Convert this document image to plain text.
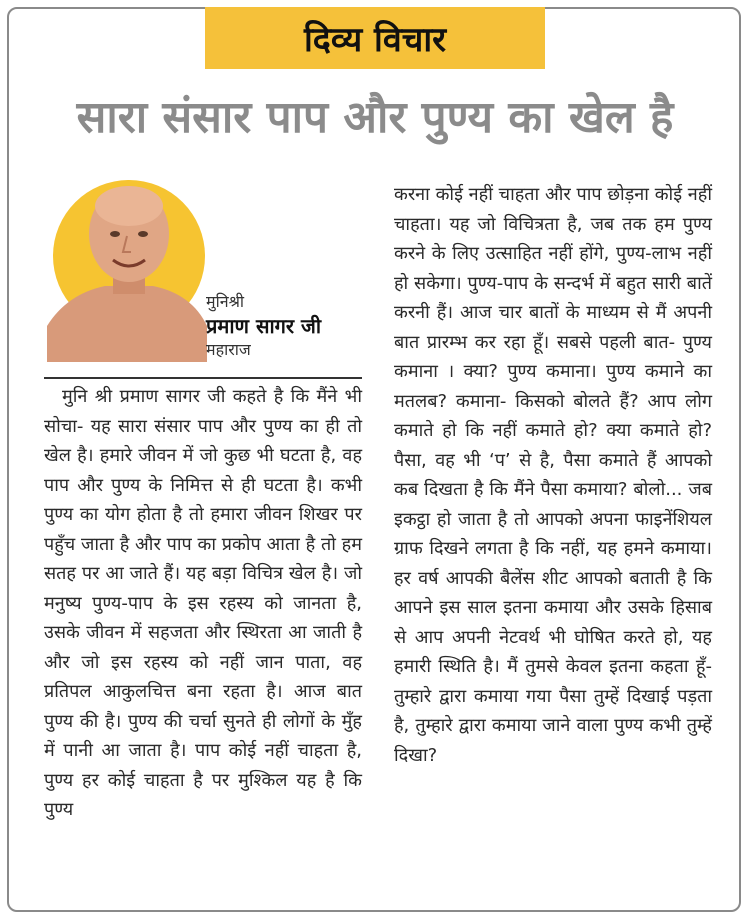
दिव्य विचार
सारा संसार पाप और पुण्य का खेल है
मुनिश्री
प्रमाण सागर जी
महाराज
मुनि श्री प्रमाण सागर जी कहते है कि मैंने भी सोचा- यह सारा संसार पाप और पुण्य का ही तो खेल है। हमारे जीवन में जो कुछ भी घटता है, वह पाप और पुण्य के निमित्त से ही घटता है। कभी पुण्य का योग होता है तो हमारा जीवन शिखर पर पहुँच जाता है और पाप का प्रकोप आता है तो हम सतह पर आ जाते हैं। यह बड़ा विचित्र खेल है। जो मनुष्य पुण्य-पाप के इस रहस्य को जानता है, उसके जीवन में सहजता और स्थिरता आ जाती है और जो इस रहस्य को नहीं जान पाता, वह प्रतिपल आकुलचित्त बना रहता है। आज बात पुण्य की है। पुण्य की चर्चा सुनते ही लोगों के मुँह में पानी आ जाता है। पाप कोई नहीं चाहता है, पुण्य हर कोई चाहता है पर मुश्किल यह है कि पुण्य
करना कोई नहीं चाहता और पाप छोड़ना कोई नहीं चाहता। यह जो विचित्रता है, जब तक हम पुण्य करने के लिए उत्साहित नहीं होंगे, पुण्य-लाभ नहीं हो सकेगा। पुण्य-पाप के सन्दर्भ में बहुत सारी बातें करनी हैं। आज चार बातों के माध्यम से मैं अपनी बात प्रारम्भ कर रहा हूँ। सबसे पहली बात- पुण्य कमाना । क्या? पुण्य कमाना। पुण्य कमाने का मतलब? कमाना- किसको बोलते हैं? आप लोग कमाते हो कि नहीं कमाते हो? क्या कमाते हो? पैसा, वह भी ‘प’ से है, पैसा कमाते हैं आपको कब दिखता है कि मैंने पैसा कमाया? बोलो... जब इकट्ठा हो जाता है तो आपको अपना फाइनेंशियल ग्राफ दिखने लगता है कि नहीं, यह हमने कमाया। हर वर्ष आपकी बैलेंस शीट आपको बताती है कि आपने इस साल इतना कमाया और उसके हिसाब से आप अपनी नेटवर्थ भी घोषित करते हो, यह हमारी स्थिति है। मैं तुमसे केवल इतना कहता हूँ- तुम्हारे द्वारा कमाया गया पैसा तुम्हें दिखाई पड़ता है, तुम्हारे द्वारा कमाया जाने वाला पुण्य कभी तुम्हें दिखा?
